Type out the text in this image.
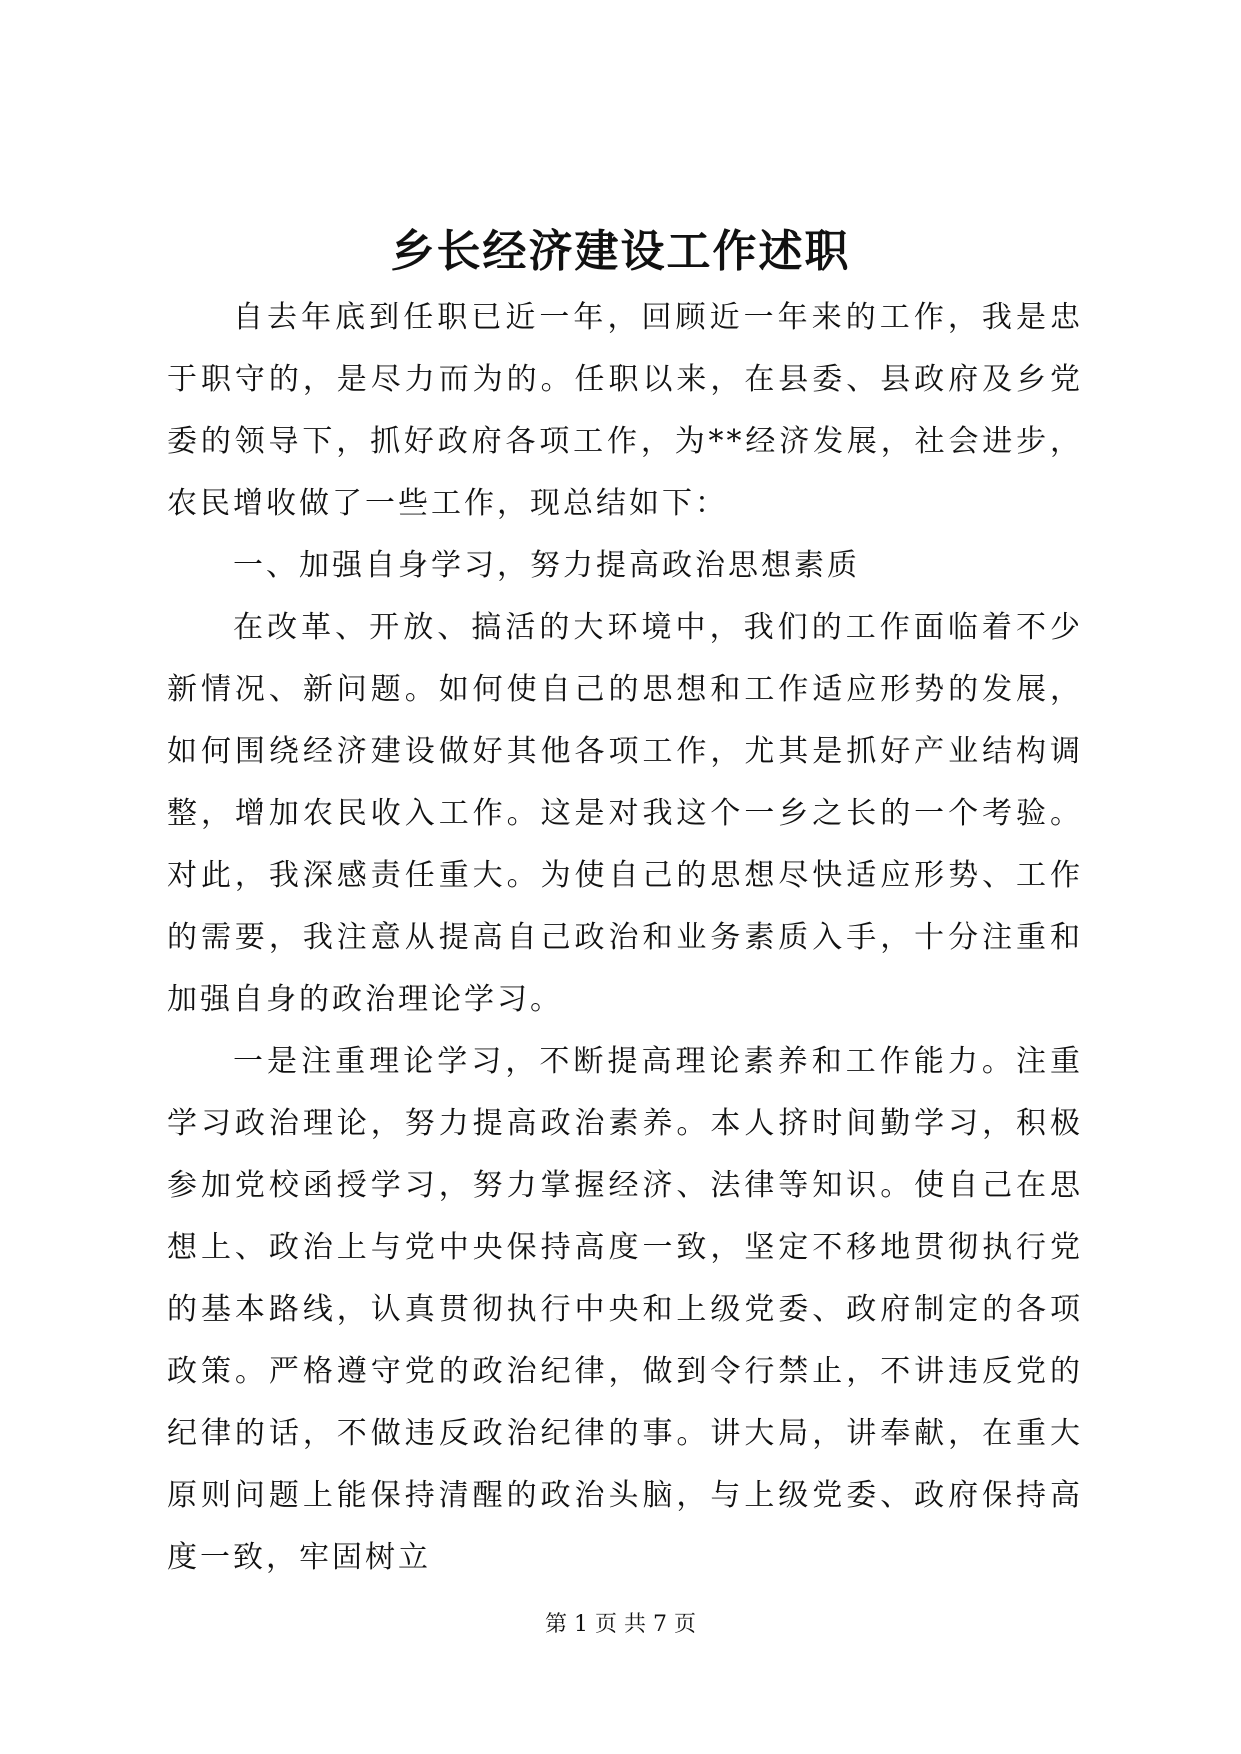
乡长经济建设工作述职

自去年底到任职已近一年，回顾近一年来的工作，我是忠于职守的，是尽力而为的。任职以来，在县委、县政府及乡党委的领导下，抓好政府各项工作，为**经济发展，社会进步，农民增收做了一些工作，现总结如下：

一、加强自身学习，努力提高政治思想素质

在改革、开放、搞活的大环境中，我们的工作面临着不少新情况、新问题。如何使自己的思想和工作适应形势的发展，如何围绕经济建设做好其他各项工作，尤其是抓好产业结构调整，增加农民收入工作。这是对我这个一乡之长的一个考验。对此，我深感责任重大。为使自己的思想尽快适应形势、工作的需要，我注意从提高自己政治和业务素质入手，十分注重和加强自身的政治理论学习。

一是注重理论学习，不断提高理论素养和工作能力。注重学习政治理论，努力提高政治素养。本人挤时间勤学习，积极参加党校函授学习，努力掌握经济、法律等知识。使自己在思想上、政治上与党中央保持高度一致，坚定不移地贯彻执行党的基本路线，认真贯彻执行中央和上级党委、政府制定的各项政策。严格遵守党的政治纪律，做到令行禁止，不讲违反党的纪律的话，不做违反政治纪律的事。讲大局，讲奉献，在重大原则问题上能保持清醒的政治头脑，与上级党委、政府保持高度一致，牢固树立

第 1 页 共 7 页
